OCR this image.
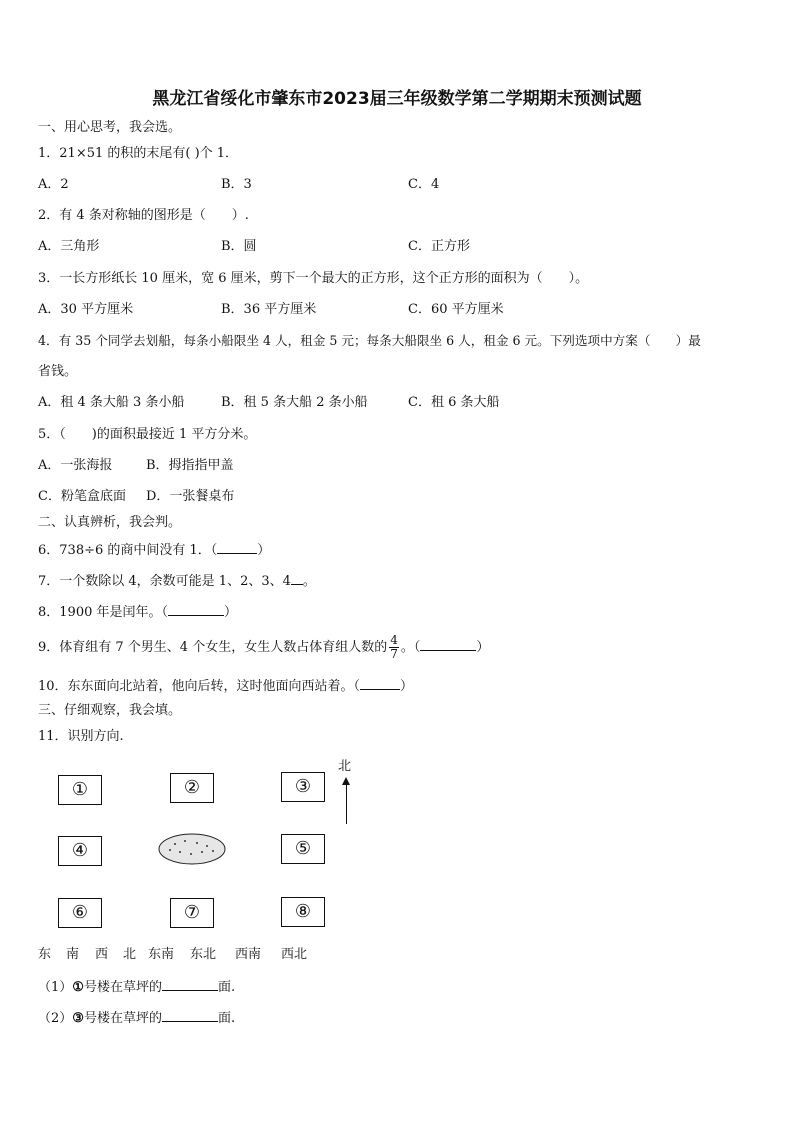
黑龙江省绥化市肇东市2023届三年级数学第二学期期末预测试题
一、用心思考，我会选。
1．21×51 的积的末尾有( )个 1．
A．2	B．3	C．4
2．有 4 条对称轴的图形是（　　）.
A．三角形	B．圆	C．正方形
3．一长方形纸长 10 厘米，宽 6 厘米，剪下一个最大的正方形，这个正方形的面积为（　　）。
A．30 平方厘米	B．36 平方厘米	C．60 平方厘米
4．有 35 个同学去划船，每条小船限坐 4 人，租金 5 元；每条大船限坐 6 人，租金 6 元。下列选项中方案（　　）最
省钱。
A．租 4 条大船 3 条小船	B．租 5 条大船 2 条小船	C．租 6 条大船
5．（　　)的面积最接近 1 平方分米。
A．一张海报	B．拇指指甲盖
C．粉笔盒底面 D．一张餐桌布
二、认真辨析，我会判。
6．738÷6 的商中间没有 1．（	）
7．一个数除以 4，余数可能是 1、2、3、4 。
8．1900 年是闰年。（	）
9．体育组有 7 个男生、4 个女生，女生人数占体育组人数的 $\frac{4}{7}$ 。（	）
10．东东面向北站着，他向后转，这时他面向西站着。（	）
三、仔细观察，我会填。
11．识别方向.
①	②	③
④	⑤
⑥	⑦	⑧
北
东 南 西 北 东南 东北 西南 西北
（1）①号楼在草坪的	面.
（2）③号楼在草坪的	面.
